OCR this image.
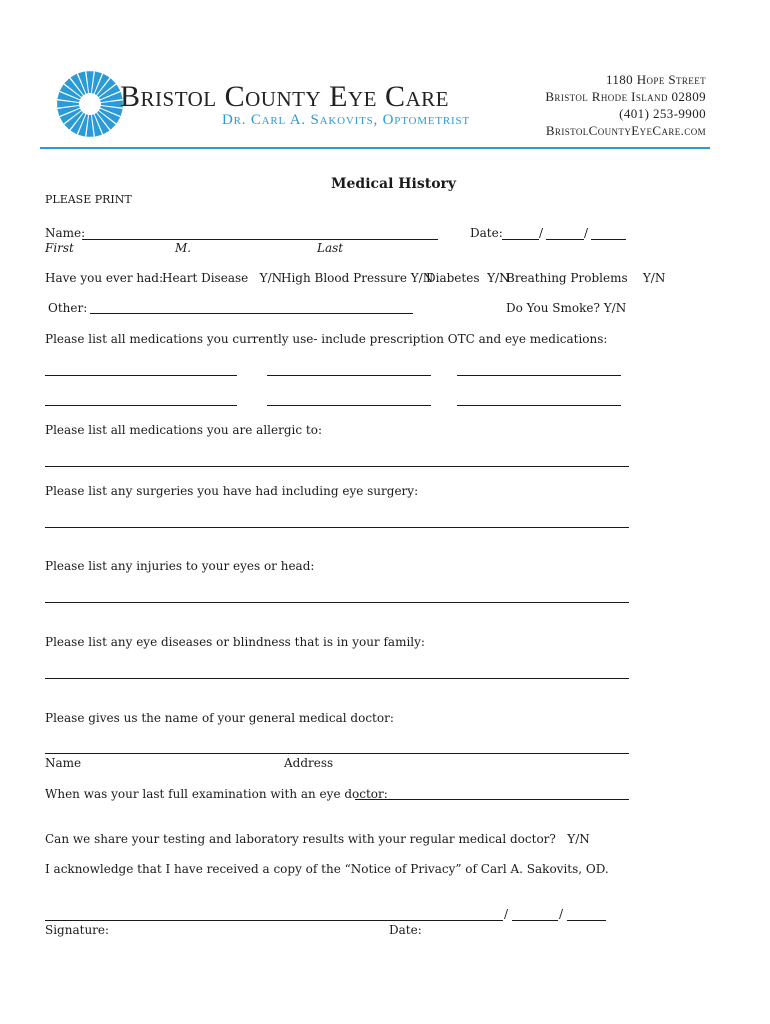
Bristol County Eye Care
Dr. Carl A. Sakovits, Optometrist
1180 Hope Street
Bristol Rhode Island 02809
(401) 253-9900
BristolCountyEyeCare.com
Medical History
PLEASE PRINT
Name:	Date:	/	/
First	M.	Last
Have you ever had:
Heart Disease   Y/N
High Blood Pressure Y/N
Diabetes  Y/N
Breathing Problems    Y/N
Other:	Do You Smoke? Y/N
Please list all medications you currently use- include prescription OTC and eye medications:
Please list all medications you are allergic to:
Please list any surgeries you have had including eye surgery:
Please list any injuries to your eyes or head:
Please list any eye diseases or blindness that is in your family:
Please gives us the name of your general medical doctor:
Name	Address
When was your last full examination with an eye doctor:
Can we share your testing and laboratory results with your regular medical doctor?   Y/N
I acknowledge that I have received a copy of the “Notice of Privacy” of Carl A. Sakovits, OD.
/	/
Signature:	Date:
